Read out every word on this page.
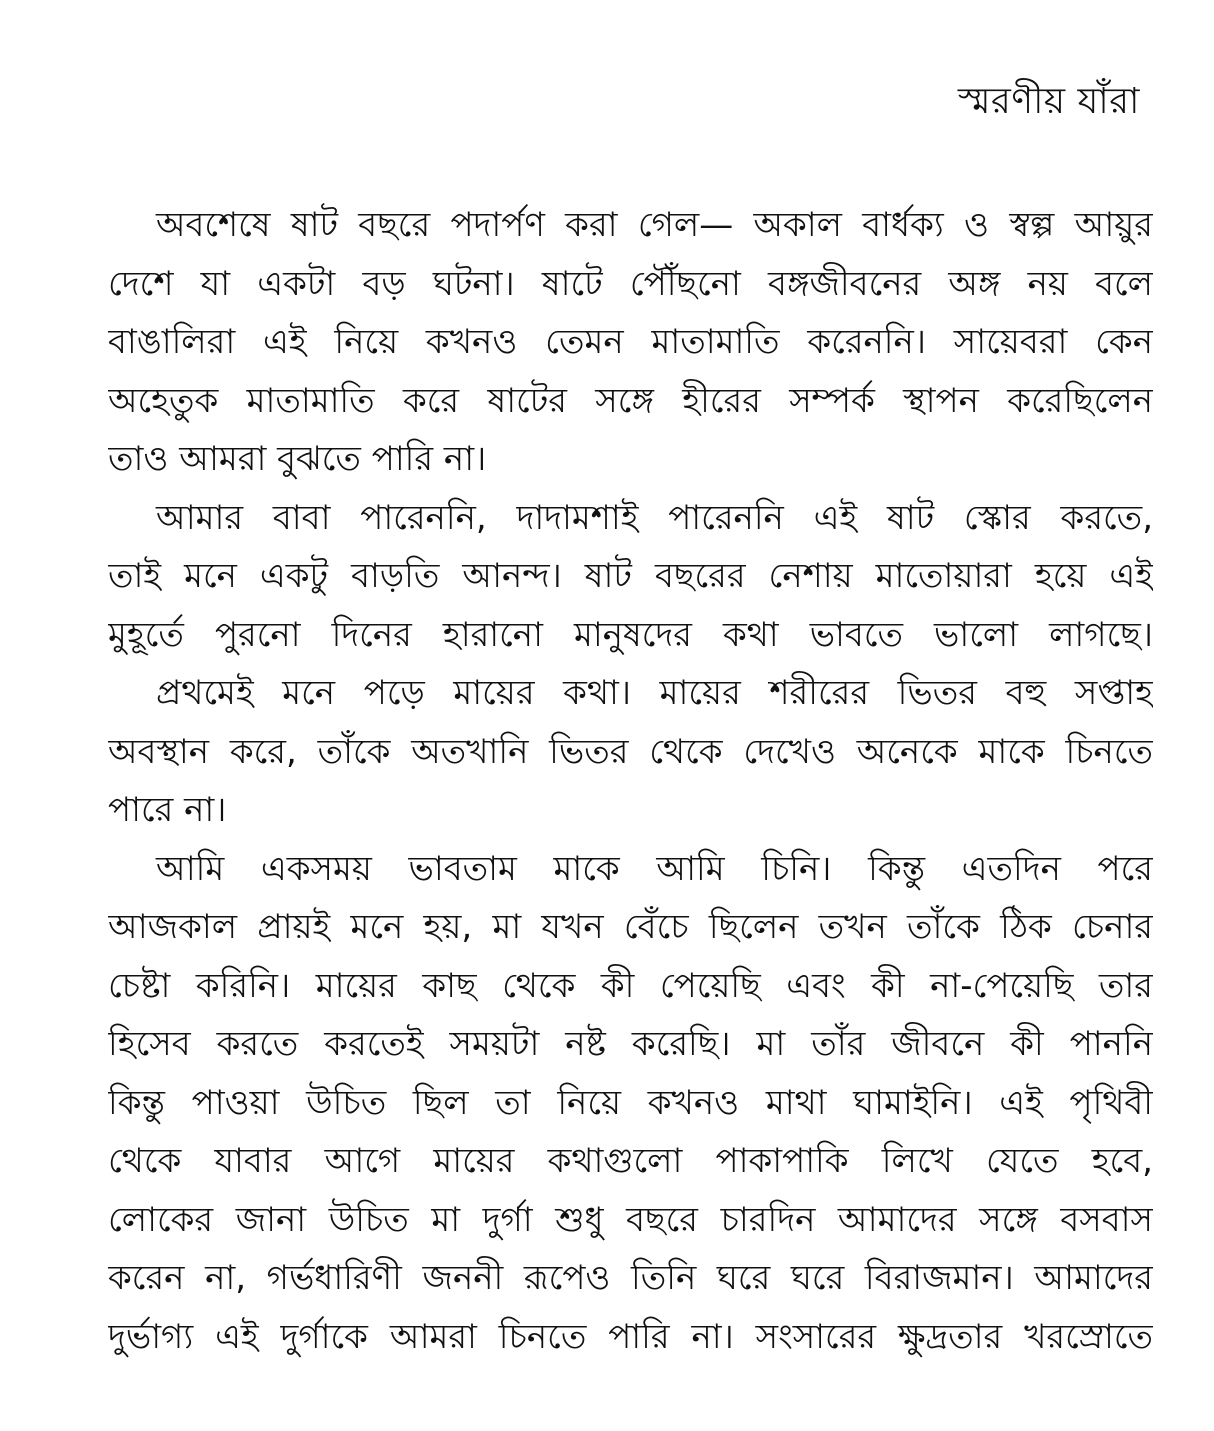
স্মরণীয় যাঁরা
অবশেষে ষাট বছরে পদার্পণ করা গেল— অকাল বার্ধক্য ও স্বল্প আয়ুর
দেশে যা একটা বড় ঘটনা। ষাটে পৌঁছনো বঙ্গজীবনের অঙ্গ নয় বলে
বাঙালিরা এই নিয়ে কখনও তেমন মাতামাতি করেননি। সায়েবরা কেন
অহেতুক মাতামাতি করে ষাটের সঙ্গে হীরের সম্পর্ক স্থাপন করেছিলেন
তাও আমরা বুঝতে পারি না।
আমার বাবা পারেননি, দাদামশাই পারেননি এই ষাট স্কোর করতে,
তাই মনে একটু বাড়তি আনন্দ। ষাট বছরের নেশায় মাতোয়ারা হয়ে এই
মুহূর্তে পুরনো দিনের হারানো মানুষদের কথা ভাবতে ভালো লাগছে।
প্রথমেই মনে পড়ে মায়ের কথা। মায়ের শরীরের ভিতর বহু সপ্তাহ
অবস্থান করে, তাঁকে অতখানি ভিতর থেকে দেখেও অনেকে মাকে চিনতে
পারে না।
আমি একসময় ভাবতাম মাকে আমি চিনি। কিন্তু এতদিন পরে
আজকাল প্রায়ই মনে হয়, মা যখন বেঁচে ছিলেন তখন তাঁকে ঠিক চেনার
চেষ্টা করিনি। মায়ের কাছ থেকে কী পেয়েছি এবং কী না-পেয়েছি তার
হিসেব করতে করতেই সময়টা নষ্ট করেছি। মা তাঁর জীবনে কী পাননি
কিন্তু পাওয়া উচিত ছিল তা নিয়ে কখনও মাথা ঘামাইনি। এই পৃথিবী
থেকে যাবার আগে মায়ের কথাগুলো পাকাপাকি লিখে যেতে হবে,
লোকের জানা উচিত মা দুর্গা শুধু বছরে চারদিন আমাদের সঙ্গে বসবাস
করেন না, গর্ভধারিণী জননী রূপেও তিনি ঘরে ঘরে বিরাজমান। আমাদের
দুর্ভাগ্য এই দুর্গাকে আমরা চিনতে পারি না। সংসারের ক্ষুদ্রতার খরস্রোতে
